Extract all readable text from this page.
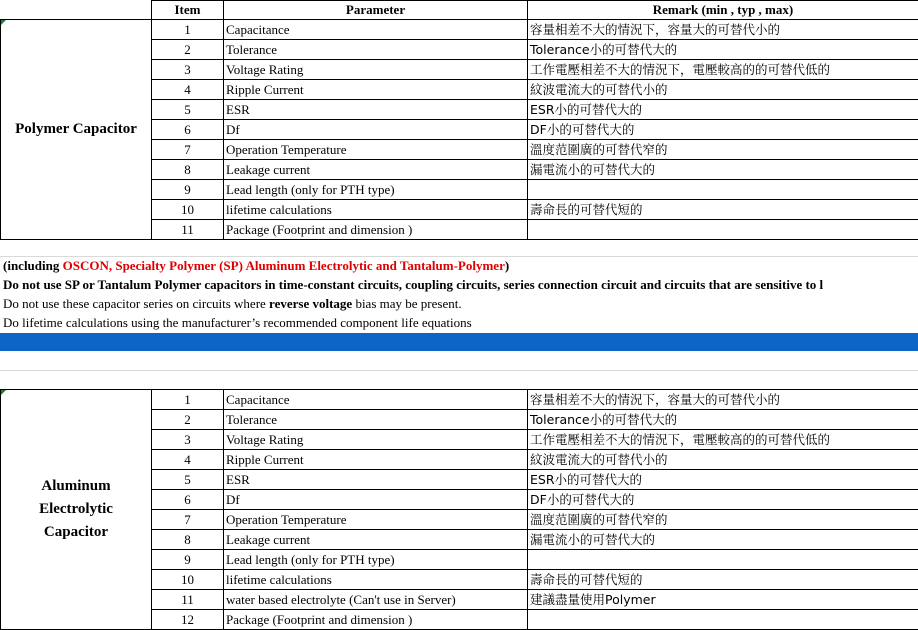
	Item	Parameter	Remark (min , typ , max)
Polymer Capacitor	1	Capacitance	容量相差不大的情況下，容量大的可替代小的
	2	Tolerance	Tolerance小的可替代大的
	3	Voltage Rating	工作電壓相差不大的情況下，電壓較高的的可替代低的
	4	Ripple Current	紋波電流大的可替代小的
	5	ESR	ESR小的可替代大的
	6	Df	DF小的可替代大的
	7	Operation Temperature	溫度范圍廣的可替代窄的
	8	Leakage current	漏電流小的可替代大的
	9	Lead length (only for PTH type)	
	10	lifetime calculations	壽命長的可替代短的
	11	Package (Footprint and dimension )	
(including OSCON, Specialty Polymer (SP) Aluminum Electrolytic and Tantalum-Polymer)
Do not use SP or Tantalum Polymer capacitors in time-constant circuits, coupling circuits, series connection circuit and circuits that are sensitive to l
Do not use these capacitor series on circuits where reverse voltage bias may be present.
Do lifetime calculations using the manufacturer’s recommended component life equations
Aluminum Electrolytic Capacitor	1	Capacitance	容量相差不大的情況下，容量大的可替代小的
	2	Tolerance	Tolerance小的可替代大的
	3	Voltage Rating	工作電壓相差不大的情況下，電壓較高的的可替代低的
	4	Ripple Current	紋波電流大的可替代小的
	5	ESR	ESR小的可替代大的
	6	Df	DF小的可替代大的
	7	Operation Temperature	溫度范圍廣的可替代窄的
	8	Leakage current	漏電流小的可替代大的
	9	Lead length (only for PTH type)	
	10	lifetime calculations	壽命長的可替代短的
	11	water based electrolyte (Can't use in Server)	建議盡量使用Polymer
	12	Package (Footprint and dimension )	
